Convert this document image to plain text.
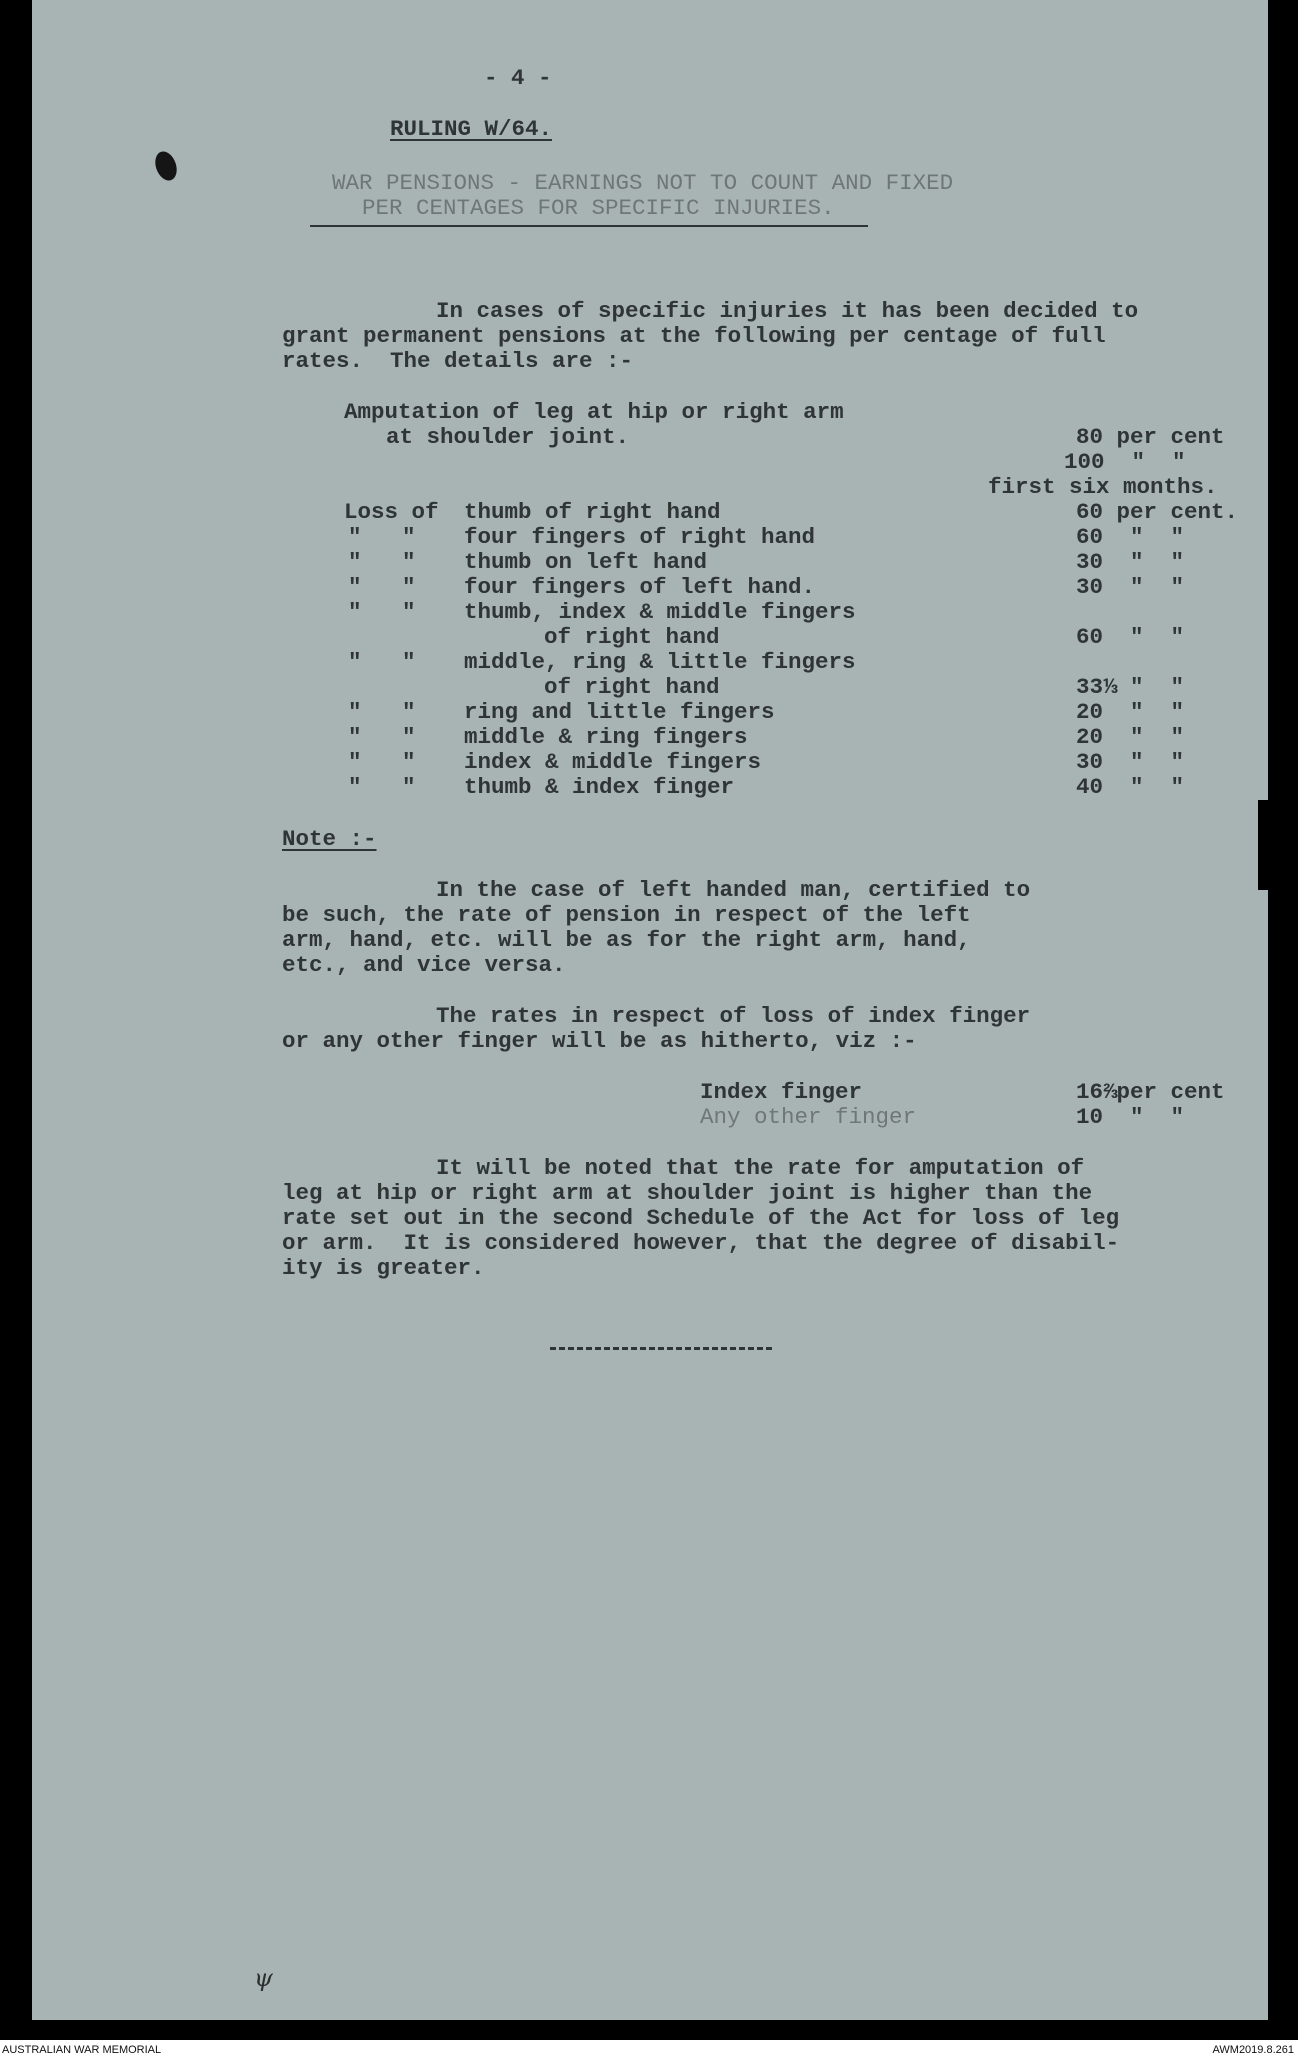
- 4 -
RULING W/64.
WAR PENSIONS - EARNINGS NOT TO COUNT AND FIXED
PER CENTAGES FOR SPECIFIC INJURIES.
In cases of specific injuries it has been decided to
grant permanent pensions at the following per centage of full
rates.  The details are :-
Amputation of leg at hip or right arm
at shoulder joint.	80 per cent
100  "  "
first six months.
Loss of thumb of right hand	60 per cent.
"   " four fingers of right hand	60  "  "
"   " thumb on left hand	30  "  "
"   " four fingers of left hand.	30  "  "
"   " thumb, index & middle fingers
of right hand	60  "  "
"   " middle, ring & little fingers
of right hand	33⅓ "  "
"   " ring and little fingers	20  "  "
"   " middle & ring fingers	20  "  "
"   " index & middle fingers	30  "  "
"   " thumb & index finger	40  "  "
Note :-
In the case of left handed man, certified to
be such, the rate of pension in respect of the left
arm, hand, etc. will be as for the right arm, hand,
etc., and vice versa.
The rates in respect of loss of index finger
or any other finger will be as hitherto, viz :-
Index finger	16⅔per cent
Any other finger	10  "  "
It will be noted that the rate for amputation of
leg at hip or right arm at shoulder joint is higher than the
rate set out in the second Schedule of the Act for loss of leg
or arm.  It is considered however, that the degree of disabil-
ity is greater.
ψ
AUSTRALIAN WAR MEMORIAL	AWM2019.8.261
